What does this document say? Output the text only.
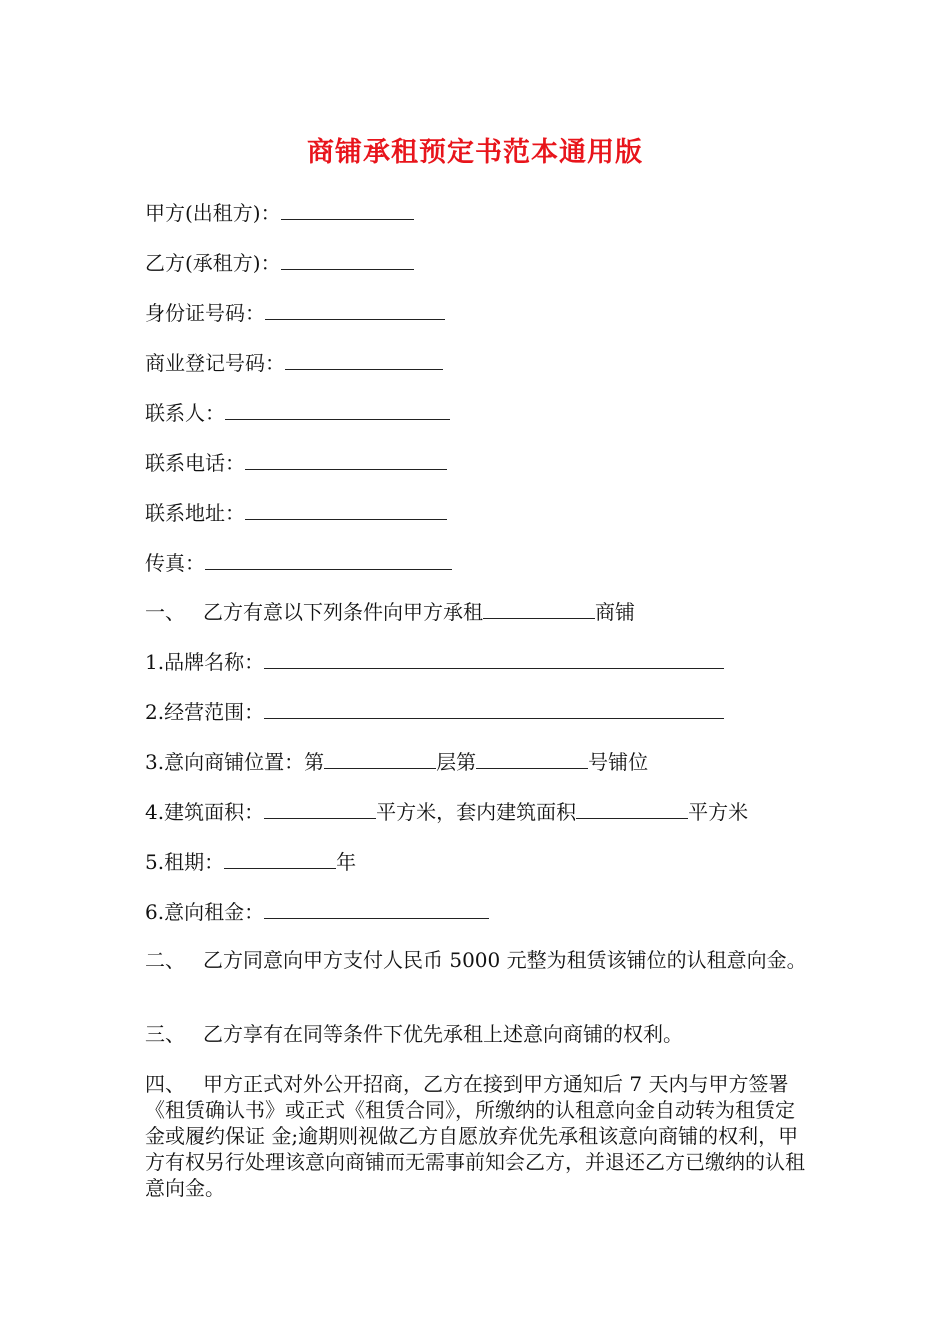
商铺承租预定书范本通用版
甲方(出租方)：
乙方(承租方)：
身份证号码：
商业登记号码：
联系人：
联系电话：
联系地址：
传真：
一、 乙方有意以下列条件向甲方承租	商铺
1.品牌名称：
2.经营范围：
3.意向商铺位置：第	层第	号铺位
4.建筑面积：	平方米，套内建筑面积	平方米
5.租期：	年
6.意向租金：
二、 乙方同意向甲方支付人民币 5000 元整为租赁该铺位的认租意向金。
三、 乙方享有在同等条件下优先承租上述意向商铺的权利。
四、 甲方正式对外公开招商，乙方在接到甲方通知后 7 天内与甲方签署《租赁确认书》或正式《租赁合同》，所缴纳的认租意向金自动转为租赁定金或履约保证 金;逾期则视做乙方自愿放弃优先承租该意向商铺的权利，甲方有权另行处理该意向商铺而无需事前知会乙方，并退还乙方已缴纳的认租意向金。
